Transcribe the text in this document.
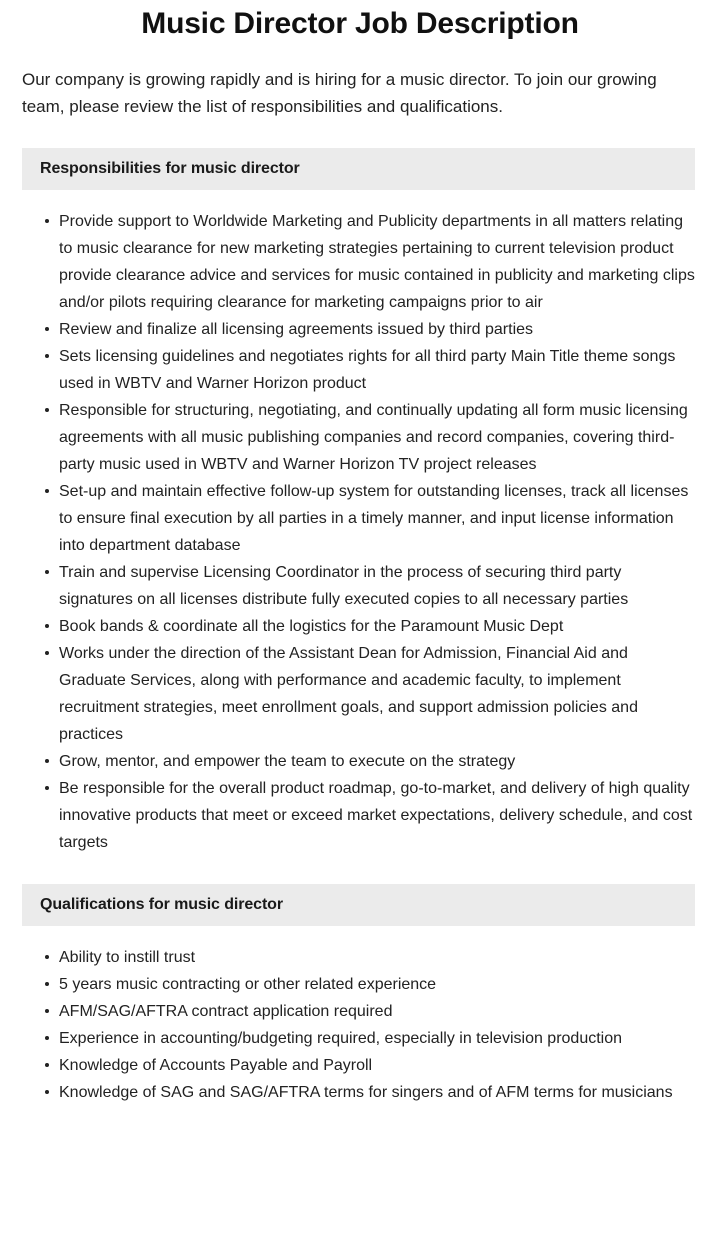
Music Director Job Description

Our company is growing rapidly and is hiring for a music director. To join our growing team, please review the list of responsibilities and qualifications.

Responsibilities for music director
Provide support to Worldwide Marketing and Publicity departments in all matters relating to music clearance for new marketing strategies pertaining to current television product provide clearance advice and services for music contained in publicity and marketing clips and/or pilots requiring clearance for marketing campaigns prior to air
Review and finalize all licensing agreements issued by third parties
Sets licensing guidelines and negotiates rights for all third party Main Title theme songs used in WBTV and Warner Horizon product
Responsible for structuring, negotiating, and continually updating all form music licensing agreements with all music publishing companies and record companies, covering third-party music used in WBTV and Warner Horizon TV project releases
Set-up and maintain effective follow-up system for outstanding licenses, track all licenses to ensure final execution by all parties in a timely manner, and input license information into department database
Train and supervise Licensing Coordinator in the process of securing third party signatures on all licenses distribute fully executed copies to all necessary parties
Book bands & coordinate all the logistics for the Paramount Music Dept
Works under the direction of the Assistant Dean for Admission, Financial Aid and Graduate Services, along with performance and academic faculty, to implement recruitment strategies, meet enrollment goals, and support admission policies and practices
Grow, mentor, and empower the team to execute on the strategy
Be responsible for the overall product roadmap, go-to-market, and delivery of high quality innovative products that meet or exceed market expectations, delivery schedule, and cost targets
Qualifications for music director
Ability to instill trust
5 years music contracting or other related experience
AFM/SAG/AFTRA contract application required
Experience in accounting/budgeting required, especially in television production
Knowledge of Accounts Payable and Payroll
Knowledge of SAG and SAG/AFTRA terms for singers and of AFM terms for musicians
